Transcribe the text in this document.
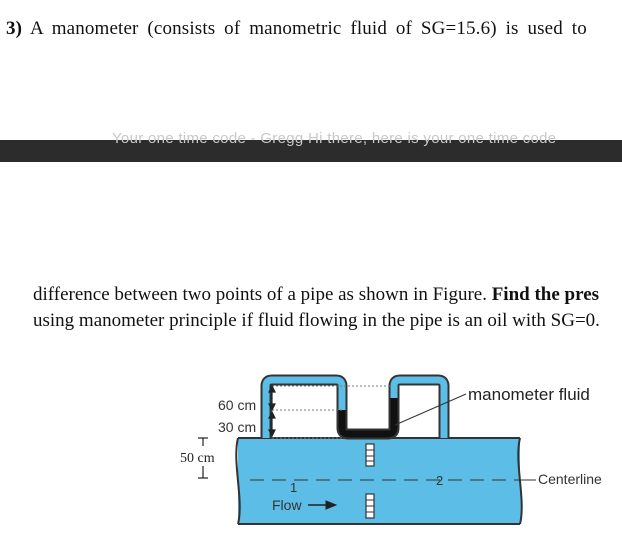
3) A manometer (consists of manometric fluid of SG=15.6) is used to
Your one time code - Gregg Hi there, here is your one time code
difference between two points of a pipe as shown in Figure. Find the pres
using manometer principle if fluid flowing in the pipe is an oil with SG=0.
60 cm
30 cm
50 cm
manometer fluid
Centerline
Flow
1	2
